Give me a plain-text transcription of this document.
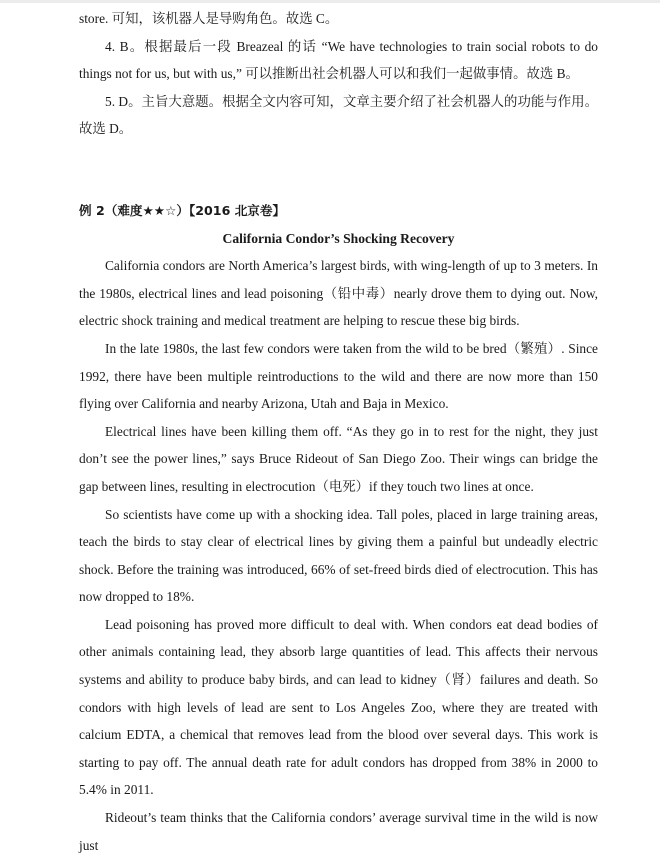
store. 可知，该机器人是导购角色。故选 C。

4. B。根据最后一段 Breazeal 的话 “We have technologies to train social robots to do things not for us, but with us,” 可以推断出社会机器人可以和我们一起做事情。故选 B。

5. D。主旨大意题。根据全文内容可知，文章主要介绍了社会机器人的功能与作用。故选 D。

例 2（难度★★☆）【2016 北京卷】

California Condor’s Shocking Recovery

California condors are North America’s largest birds, with wing-length of up to 3 meters. In the 1980s, electrical lines and lead poisoning（铅中毒）nearly drove them to dying out. Now, electric shock training and medical treatment are helping to rescue these big birds.

In the late 1980s, the last few condors were taken from the wild to be bred（繁殖）. Since 1992, there have been multiple reintroductions to the wild and there are now more than 150 flying over California and nearby Arizona, Utah and Baja in Mexico.

Electrical lines have been killing them off. “As they go in to rest for the night, they just don’t see the power lines,” says Bruce Rideout of San Diego Zoo. Their wings can bridge the gap between lines, resulting in electrocution（电死）if they touch two lines at once.

So scientists have come up with a shocking idea. Tall poles, placed in large training areas, teach the birds to stay clear of electrical lines by giving them a painful but undeadly electric shock. Before the training was introduced, 66% of set-freed birds died of electrocution. This has now dropped to 18%.

Lead poisoning has proved more difficult to deal with. When condors eat dead bodies of other animals containing lead, they absorb large quantities of lead. This affects their nervous systems and ability to produce baby birds, and can lead to kidney（肾）failures and death. So condors with high levels of lead are sent to Los Angeles Zoo, where they are treated with calcium EDTA, a chemical that removes lead from the blood over several days. This work is starting to pay off. The annual death rate for adult condors has dropped from 38% in 2000 to 5.4% in 2011.

Rideout’s team thinks that the California condors’ average survival time in the wild is now just
